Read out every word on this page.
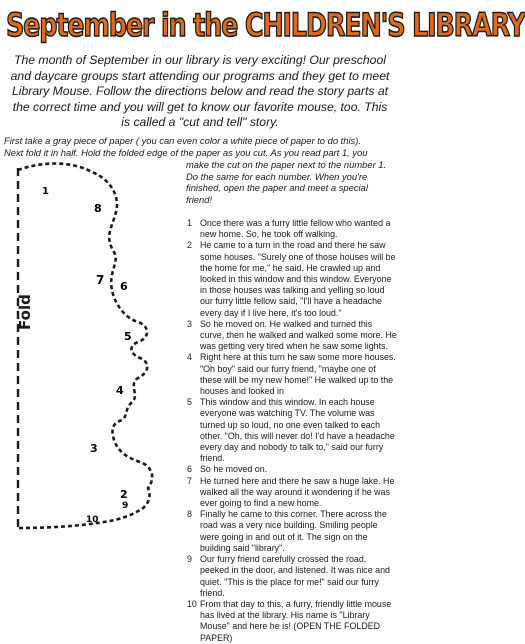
September in the CHILDREN'S LIBRARY
The month of September in our library is very exciting! Our preschool and daycare groups start attending our programs and they get to meet Library Mouse. Follow the directions below and read the story parts at the correct time and you will get to know our favorite mouse, too. This is called a "cut and tell" story.
First take a gray piece of paper ( you can even color a white piece of paper to do this).
Next fold it in half. Hold the folded edge of the paper as you cut. As you read part 1, you
make the cut on the paper next to the number 1. Do the same for each number. When you're finished, open the paper and meet a special friend!
1
8
7 6
5
4
3
2
9
10
Fold
1 Once there was a furry little fellow who wanted a new home. So, he took off walking.
2 He came to a turn in the road and there he saw some houses. "Surely one of those houses will be the home for me," he said. He crawled up and looked in this window and this window. Everyone in those houses was talking and yelling so loud our furry little fellow said, "I'll have a headache every day if I live here, it's too loud."
3 So he moved on. He walked and turned this curve, then he walked and walked some more. He was getting very tired when he saw some lights.
4 Right here at this turn he saw some more houses. "Oh boy" said our furry friend, "maybe one of these will be my new home!" He walked up to the houses and looked in
5 This window and this window. In each house everyone was watching TV. The volume was turned up so loud, no one even talked to each other. "Oh, this will never do! I'd have a headache every day and nobody to talk to," said our furry friend.
6 So he moved on.
7 He turned here and there he saw a huge lake. He walked all the way around it wondering if he was ever going to find a new home.
8 Finally he came to this corner. There across the road was a very nice building. Smiling people were going in and out of it. The sign on the building said "library".
9 Our furry friend carefully crossed the road, peeked in the door, and listened. It was nice and quiet. "This is the place for me!" said our furry friend.
10 From that day to this, a furry, friendly little mouse has lived at the library. His name is "Library Mouse" and here he is! (OPEN THE FOLDED PAPER)
